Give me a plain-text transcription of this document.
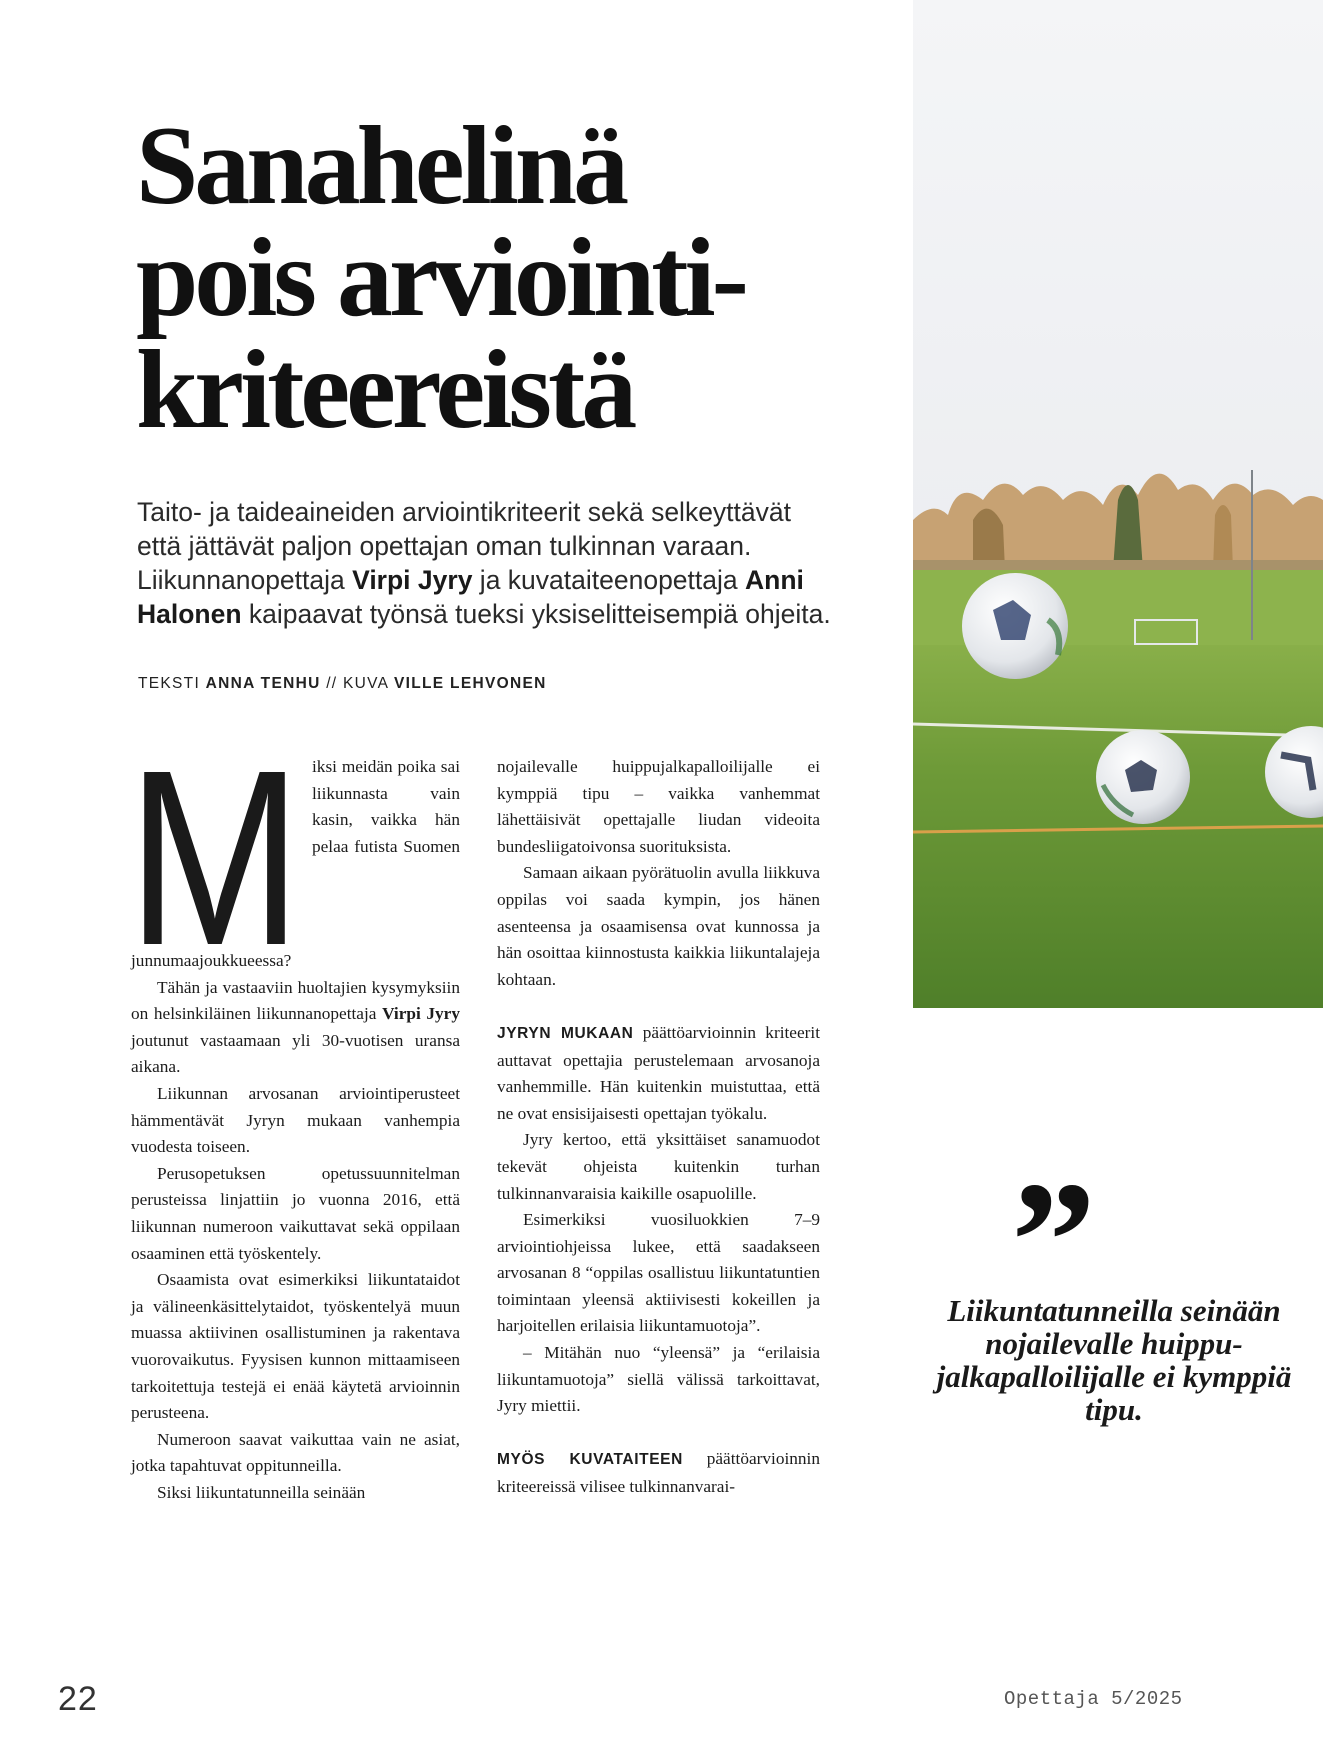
Sanahelinä
pois arviointi-
kriteereistä
Taito- ja taideaineiden arviointikriteerit sekä selkeyttävät että jättävät paljon opettajan oman tulkinnan varaan. Liikunnanopettaja Virpi Jyry ja kuvataiteenopettaja Anni Halonen kaipaavat työnsä tueksi yksiselitteisempiä ohjeita.
TEKSTI ANNA TENHU // KUVA VILLE LEHVONEN
M iksi meidän poika sai liikunnasta vain kasin, vaikka hän pelaa futista Suomen junnumaajoukkueessa?

Tähän ja vastaaviin huoltajien kysymyksiin on helsinkiläinen liikunnanopettaja Virpi Jyry joutunut vastaamaan yli 30-vuotisen uransa aikana.

Liikunnan arvosanan arviointiperusteet hämmentävät Jyryn mukaan vanhempia vuodesta toiseen.

Perusopetuksen opetussuunnitelman perusteissa linjattiin jo vuonna 2016, että liikunnan numeroon vaikuttavat sekä oppilaan osaaminen että työskentely.

Osaamista ovat esimerkiksi liikuntataidot ja välineenkäsittelytaidot, työskentelyä muun muassa aktiivinen osallistuminen ja rakentava vuorovaikutus. Fyysisen kunnon mittaamiseen tarkoitettuja testejä ei enää käytetä arvioinnin perusteena.

Numeroon saavat vaikuttaa vain ne asiat, jotka tapahtuvat oppitunneilla.

Siksi liikuntatunneilla seinään

nojailevalle huippujalkapalloilijalle ei kymppiä tipu – vaikka vanhemmat lähettäisivät opettajalle liudan videoita bundesliigatoivonsa suorituksista.

Samaan aikaan pyörätuolin avulla liikkuva oppilas voi saada kympin, jos hänen asenteensa ja osaamisensa ovat kunnossa ja hän osoittaa kiinnostusta kaikkia liikuntalajeja kohtaan.

JYRYN MUKAAN päättöarvioinnin kriteerit auttavat opettajia perustelemaan arvosanoja vanhemmille. Hän kuitenkin muistuttaa, että ne ovat ensisijaisesti opettajan työkalu.

Jyry kertoo, että yksittäiset sanamuodot tekevät ohjeista kuitenkin turhan tulkinnanvaraisia kaikille osapuolille.

Esimerkiksi vuosiluokkien 7–9 arviointiohjeissa lukee, että saadakseen arvosanan 8 “oppilas osallistuu liikuntatuntien toimintaan yleensä aktiivisesti kokeillen ja harjoitellen erilaisia liikuntamuotoja”.

– Mitähän nuo “yleensä” ja “erilaisia liikuntamuotoja” siellä välissä tarkoittavat, Jyry miettii.

MYÖS KUVATAITEEN päättöarvioinnin kriteereissä vilisee tulkinnanvarai-

”
Liikuntatunneilla seinään nojailevalle huippu-jalkapalloilijalle ei kymppiä tipu.
22	Opettaja 5/2025
